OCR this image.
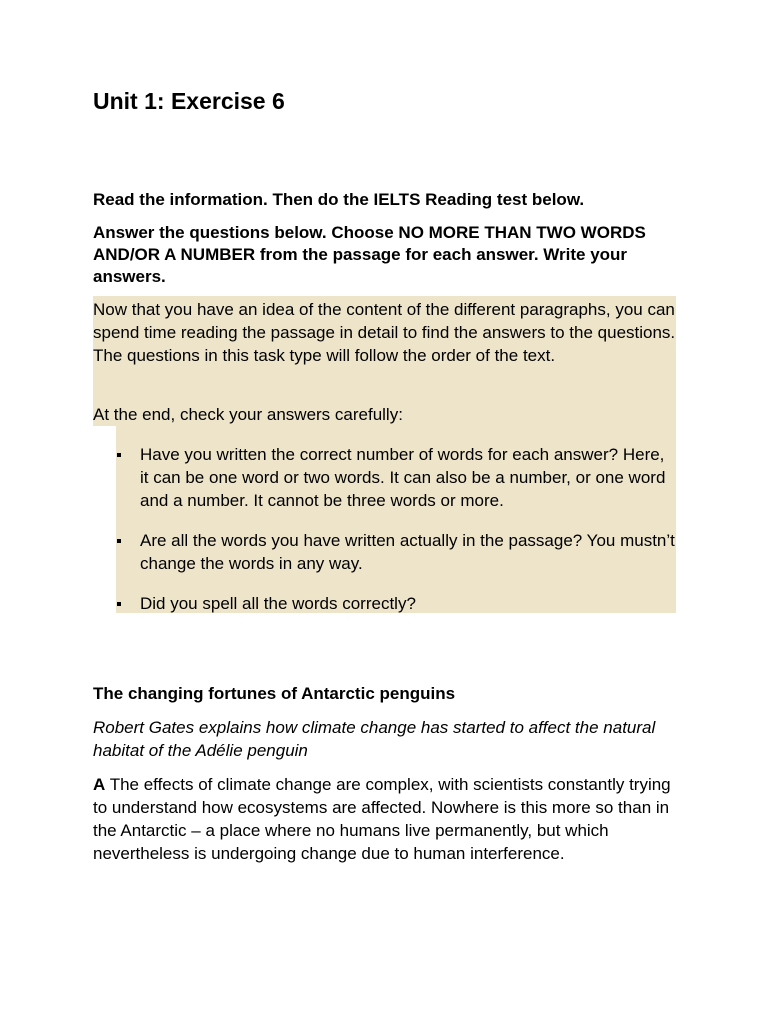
Unit 1: Exercise 6

Read the information. Then do the IELTS Reading test below.

Answer the questions below. Choose NO MORE THAN TWO WORDS AND/OR A NUMBER from the passage for each answer. Write your answers.

Now that you have an idea of the content of the different paragraphs, you can spend time reading the passage in detail to find the answers to the questions. The questions in this task type will follow the order of the text.

At the end, check your answers carefully:

Have you written the correct number of words for each answer? Here, it can be one word or two words. It can also be a number, or one word and a number. It cannot be three words or more.
Are all the words you have written actually in the passage? You mustn’t change the words in any way.
Did you spell all the words correctly?
The changing fortunes of Antarctic penguins

Robert Gates explains how climate change has started to affect the natural habitat of the Adélie penguin

A The effects of climate change are complex, with scientists constantly trying to understand how ecosystems are affected. Nowhere is this more so than in the Antarctic – a place where no humans live permanently, but which nevertheless is undergoing change due to human interference.
